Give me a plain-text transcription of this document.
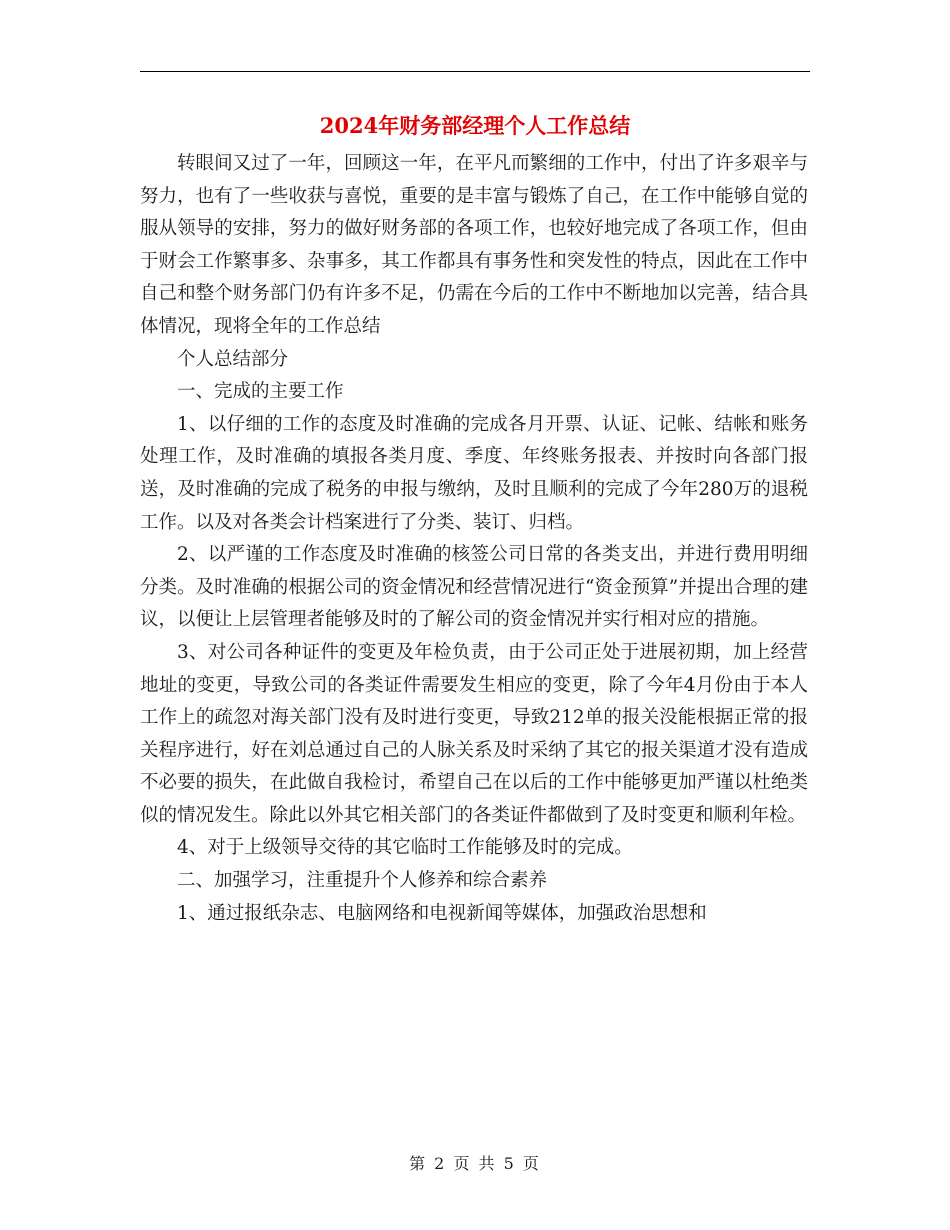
2024年财务部经理个人工作总结

转眼间又过了一年，回顾这一年，在平凡而繁细的工作中，付出了许多艰辛与努力，也有了一些收获与喜悦，重要的是丰富与锻炼了自己，在工作中能够自觉的服从领导的安排，努力的做好财务部的各项工作，也较好地完成了各项工作，但由于财会工作繁事多、杂事多，其工作都具有事务性和突发性的特点，因此在工作中自己和整个财务部门仍有许多不足，仍需在今后的工作中不断地加以完善，结合具体情况，现将全年的工作总结

个人总结部分

一、完成的主要工作

1、以仔细的工作的态度及时准确的完成各月开票、认证、记帐、结帐和账务处理工作，及时准确的填报各类月度、季度、年终账务报表、并按时向各部门报送，及时准确的完成了税务的申报与缴纳，及时且顺利的完成了今年280万的退税工作。以及对各类会计档案进行了分类、装订、归档。

2、以严谨的工作态度及时准确的核签公司日常的各类支出，并进行费用明细分类。及时准确的根据公司的资金情况和经营情况进行“资金预算”并提出合理的建议，以便让上层管理者能够及时的了解公司的资金情况并实行相对应的措施。

3、对公司各种证件的变更及年检负责，由于公司正处于进展初期，加上经营地址的变更，导致公司的各类证件需要发生相应的变更，除了今年4月份由于本人工作上的疏忽对海关部门没有及时进行变更，导致212单的报关没能根据正常的报关程序进行，好在刘总通过自己的人脉关系及时采纳了其它的报关渠道才没有造成不必要的损失，在此做自我检讨，希望自己在以后的工作中能够更加严谨以杜绝类似的情况发生。除此以外其它相关部门的各类证件都做到了及时变更和顺利年检。

4、对于上级领导交待的其它临时工作能够及时的完成。

二、加强学习，注重提升个人修养和综合素养

1、通过报纸杂志、电脑网络和电视新闻等媒体，加强政治思想和

第 2 页 共 5 页
